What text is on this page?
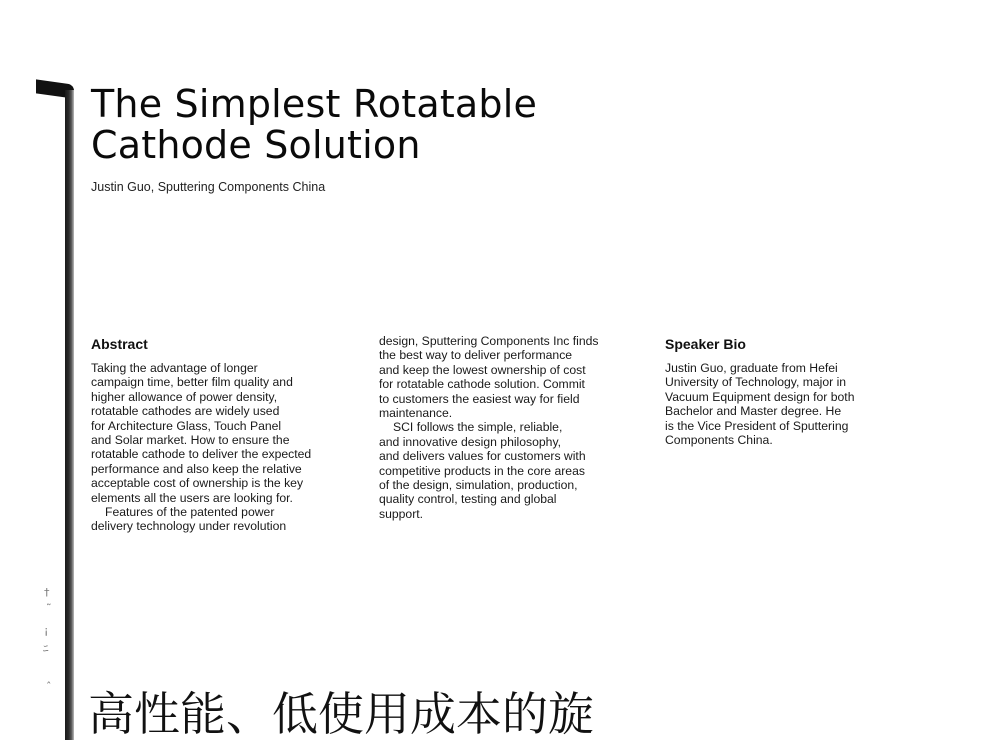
†
˜
¡
ﾆ
ˆ
The Simplest Rotatable
Cathode Solution
Justin Guo, Sputtering Components China
Abstract

Taking the advantage of longer
campaign time, better film quality and
higher allowance of power density,
rotatable cathodes are widely used
for Architecture Glass, Touch Panel
and Solar market. How to ensure the
rotatable cathode to deliver the expected
performance and also keep the relative
acceptable cost of ownership is the key
elements all the users are looking for.

Features of the patented power
delivery technology under revolution

design, Sputtering Components Inc finds
the best way to deliver performance
and keep the lowest ownership of cost
for rotatable cathode solution. Commit
to customers the easiest way for field
maintenance.

SCI follows the simple, reliable,
and innovative design philosophy,
and delivers values for customers with
competitive products in the core areas
of the design, simulation, production,
quality control, testing and global
support.

Speaker Bio

Justin Guo, graduate from Hefei
University of Technology, major in
Vacuum Equipment design for both
Bachelor and Master degree. He
is the Vice President of Sputtering
Components China.

高性能、低使用成本的旋
